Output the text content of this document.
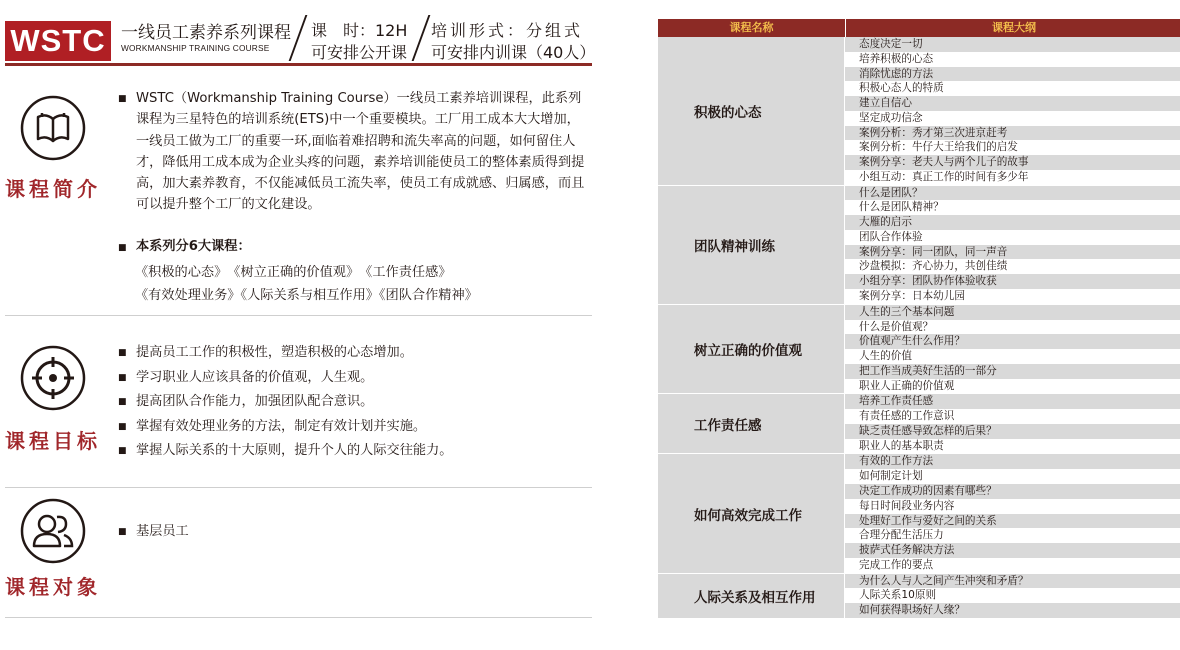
WSTC 一线员工素养系列课程
WORKMANSHIP TRAINING COURSE
课　时：12H
可安排公开课
培训形式：分组式
可安排内训课（40人）
课程简介
■ WSTC（Workmanship Training Course）一线员工素养培训课程，此系列课程为三星特色的培训系统(ETS)中一个重要模块。工厂用工成本大大增加，一线员工做为工厂的重要一环,面临着难招聘和流失率高的问题，如何留住人才，降低用工成本成为企业头疼的问题，素养培训能使员工的整体素质得到提高，加大素养教育，不仅能减低员工流失率，使员工有成就感、归属感，而且可以提升整个工厂的文化建设。

■ 本系列分6大课程：
《积极的心态》　《树立正确的价值观》　《工作责任感》
《有效处理业务》《人际关系与相互作用》《团队合作精神》
课程目标
■ 提高员工工作的积极性，塑造积极的心态增加。
■ 学习职业人应该具备的价值观，人生观。
■ 提高团队合作能力，加强团队配合意识。
■ 掌握有效处理业务的方法，制定有效计划并实施。
■ 掌握人际关系的十大原则，提升个人的人际交往能力。
课程对象
■ 基层员工
课程名称	课程大纲
积极的心态
态度决定一切
培养积极的心态
消除忧虑的方法
积极心态人的特质
建立自信心
坚定成功信念
案例分析：秀才第三次进京赶考
案例分析：牛仔大王给我们的启发
案例分享：老夫人与两个儿子的故事
小组互动：真正工作的时间有多少年
团队精神训练
什么是团队？
什么是团队精神？
大雁的启示
团队合作体验
案例分享：同一团队，同一声音
沙盘模拟：齐心协力，共创佳绩
小组分享：团队协作体验收获
案例分享：日本幼儿园
树立正确的价值观
人生的三个基本问题
什么是价值观？
价值观产生什么作用？
人生的价值
把工作当成美好生活的一部分
职业人正确的价值观
工作责任感
培养工作责任感
有责任感的工作意识
缺乏责任感导致怎样的后果？
职业人的基本职责
如何高效完成工作
有效的工作方法
如何制定计划
决定工作成功的因素有哪些？
每日时间段业务内容
处理好工作与爱好之间的关系
合理分配生活压力
披萨式任务解决方法
完成工作的要点
人际关系及相互作用
为什么人与人之间产生冲突和矛盾？
人际关系10原则
如何获得职场好人缘？
